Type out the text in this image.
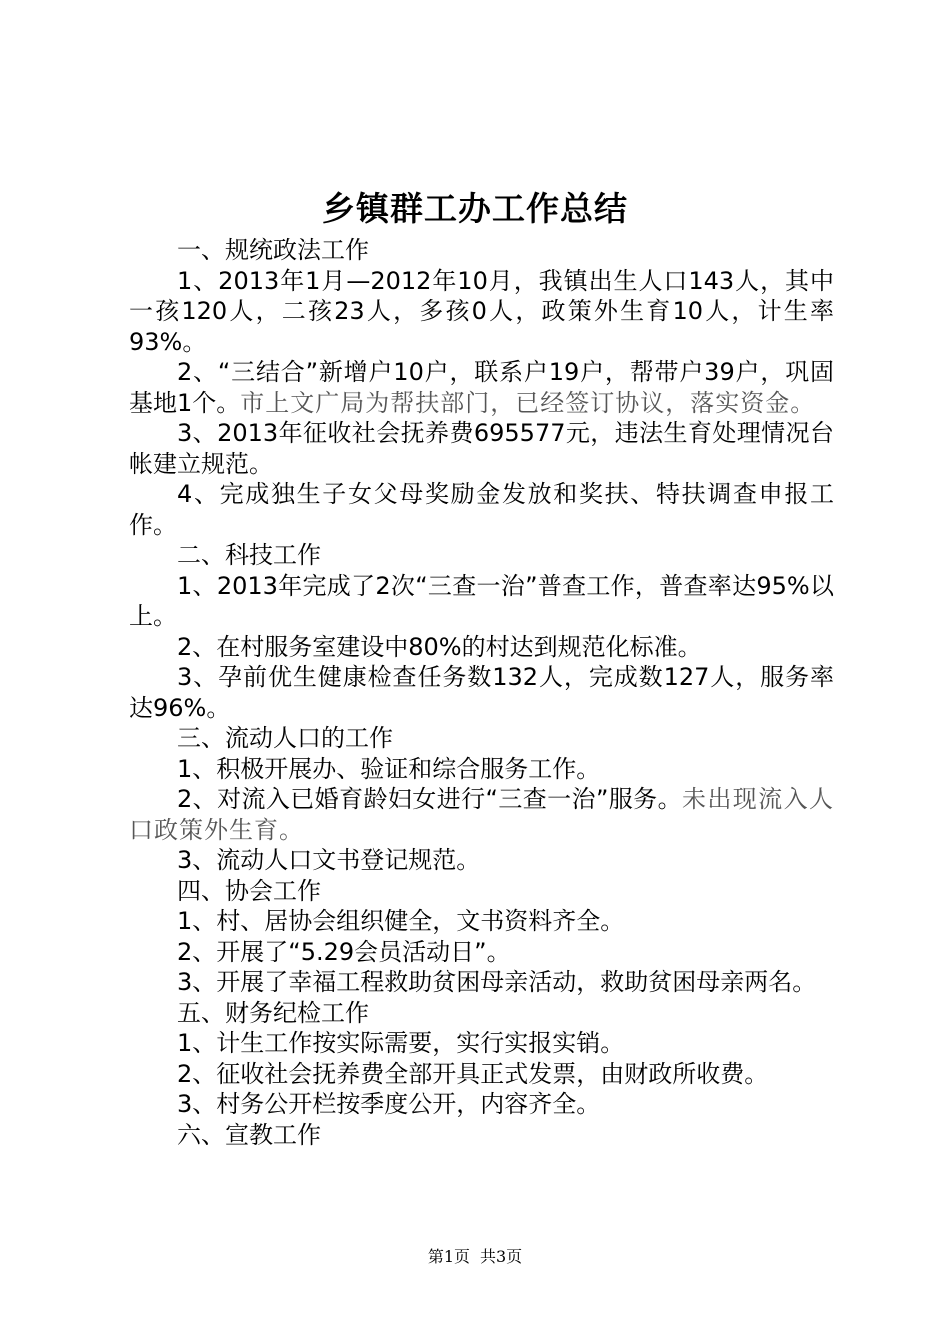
乡镇群工办工作总结

一、规统政法工作

1、2013年1月—2012年10月，我镇出生人口143人，其中一孩120人，二孩23人，多孩0人，政策外生育10人，计生率93%。

2、“三结合”新增户10户，联系户19户，帮带户39户，巩固基地1个。市上文广局为帮扶部门，已经签订协议，落实资金。

3、2013年征收社会抚养费695577元，违法生育处理情况台帐建立规范。

4、完成独生子女父母奖励金发放和奖扶、特扶调查申报工作。

二、科技工作

1、2013年完成了2次“三查一治”普查工作，普查率达95%以上。

2、在村服务室建设中80%的村达到规范化标准。

3、孕前优生健康检查任务数132人，完成数127人，服务率达96%。

三、流动人口的工作

1、积极开展办、验证和综合服务工作。

2、对流入已婚育龄妇女进行“三查一治”服务。未出现流入人口政策外生育。

3、流动人口文书登记规范。

四、协会工作

1、村、居协会组织健全，文书资料齐全。

2、开展了“5.29会员活动日”。

3、开展了幸福工程救助贫困母亲活动，救助贫困母亲两名。

五、财务纪检工作

1、计生工作按实际需要，实行实报实销。

2、征收社会抚养费全部开具正式发票，由财政所收费。

3、村务公开栏按季度公开，内容齐全。

六、宣教工作

第1页 共3页
